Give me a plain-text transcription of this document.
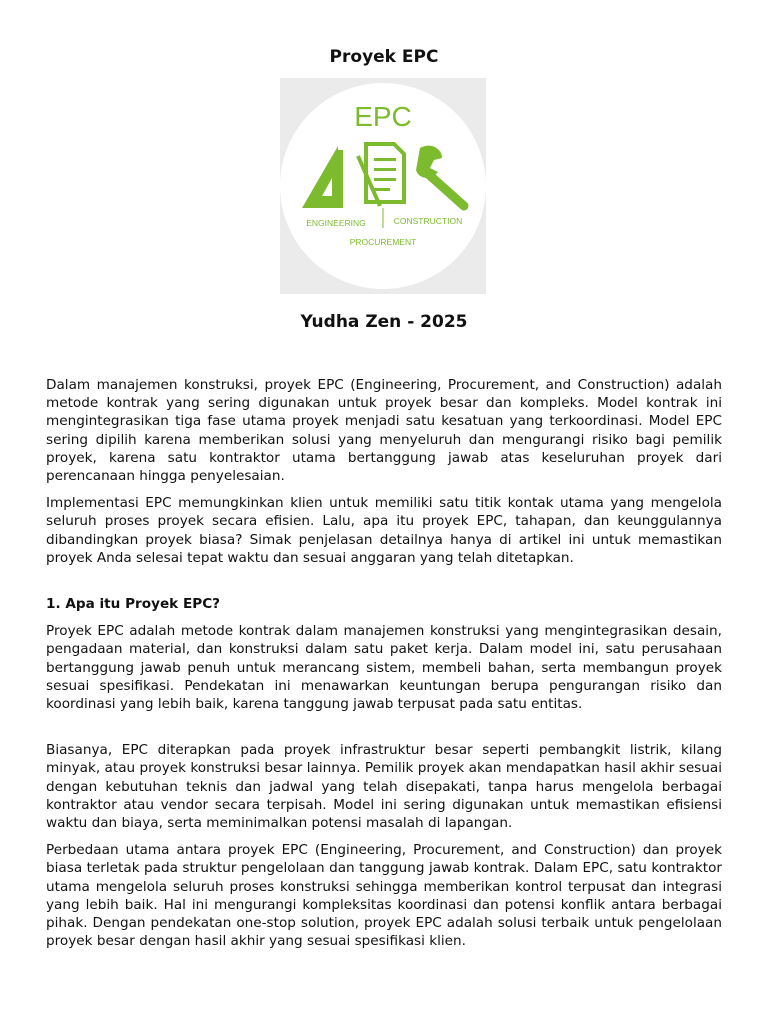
Proyek EPC
EPC
ENGINEERING	CONSTRUCTION
PROCUREMENT
Yudha Zen - 2025

Dalam manajemen konstruksi, proyek EPC (Engineering, Procurement, and Construction) adalah metode kontrak yang sering digunakan untuk proyek besar dan kompleks. Model kontrak ini mengintegrasikan tiga fase utama proyek menjadi satu kesatuan yang terkoordinasi. Model EPC sering dipilih karena memberikan solusi yang menyeluruh dan mengurangi risiko bagi pemilik proyek, karena satu kontraktor utama bertanggung jawab atas keseluruhan proyek dari perencanaan hingga penyelesaian.

Implementasi EPC memungkinkan klien untuk memiliki satu titik kontak utama yang mengelola seluruh proses proyek secara efisien. Lalu, apa itu proyek EPC, tahapan, dan keunggulannya dibandingkan proyek biasa? Simak penjelasan detailnya hanya di artikel ini untuk memastikan proyek Anda selesai tepat waktu dan sesuai anggaran yang telah ditetapkan.

1. Apa itu Proyek EPC?

Proyek EPC adalah metode kontrak dalam manajemen konstruksi yang mengintegrasikan desain, pengadaan material, dan konstruksi dalam satu paket kerja. Dalam model ini, satu perusahaan bertanggung jawab penuh untuk merancang sistem, membeli bahan, serta membangun proyek sesuai spesifikasi. Pendekatan ini menawarkan keuntungan berupa pengurangan risiko dan koordinasi yang lebih baik, karena tanggung jawab terpusat pada satu entitas.

Biasanya, EPC diterapkan pada proyek infrastruktur besar seperti pembangkit listrik, kilang minyak, atau proyek konstruksi besar lainnya. Pemilik proyek akan mendapatkan hasil akhir sesuai dengan kebutuhan teknis dan jadwal yang telah disepakati, tanpa harus mengelola berbagai kontraktor atau vendor secara terpisah. Model ini sering digunakan untuk memastikan efisiensi waktu dan biaya, serta meminimalkan potensi masalah di lapangan.

Perbedaan utama antara proyek EPC (Engineering, Procurement, and Construction) dan proyek biasa terletak pada struktur pengelolaan dan tanggung jawab kontrak. Dalam EPC, satu kontraktor utama mengelola seluruh proses konstruksi sehingga memberikan kontrol terpusat dan integrasi yang lebih baik. Hal ini mengurangi kompleksitas koordinasi dan potensi konflik antara berbagai pihak. Dengan pendekatan one-stop solution, proyek EPC adalah solusi terbaik untuk pengelolaan proyek besar dengan hasil akhir yang sesuai spesifikasi klien.
